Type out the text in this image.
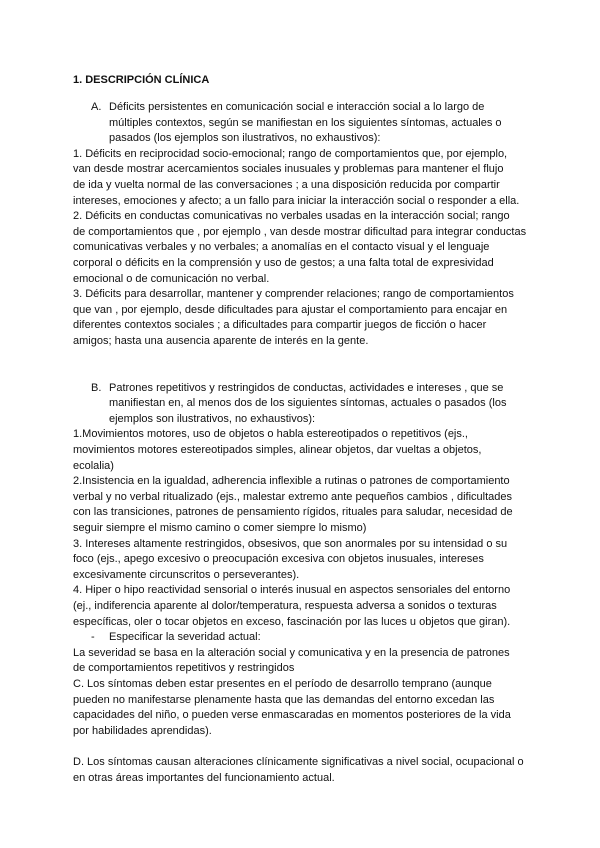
1. DESCRIPCIÓN CLÍNICA
A. Déficits persistentes en comunicación social e interacción social a lo largo de
múltiples contextos, según se manifiestan en los siguientes síntomas, actuales o
pasados (los ejemplos son ilustrativos, no exhaustivos):
1. Déficits en reciprocidad socio-emocional; rango de comportamientos que, por ejemplo,
van desde mostrar acercamientos sociales inusuales y problemas para mantener el flujo
de ida y vuelta normal de las conversaciones ; a una disposición reducida por compartir
intereses, emociones y afecto; a un fallo para iniciar la interacción social o responder a ella.
2. Déficits en conductas comunicativas no verbales usadas en la interacción social; rango
de comportamientos que , por ejemplo , van desde mostrar dificultad para integrar conductas
comunicativas verbales y no verbales; a anomalías en el contacto visual y el lenguaje
corporal o déficits en la comprensión y uso de gestos; a una falta total de expresividad
emocional o de comunicación no verbal.
3. Déficits para desarrollar, mantener y comprender relaciones; rango de comportamientos
que van , por ejemplo, desde dificultades para ajustar el comportamiento para encajar en
diferentes contextos sociales ; a dificultades para compartir juegos de ficción o hacer
amigos; hasta una ausencia aparente de interés en la gente.
B. Patrones repetitivos y restringidos de conductas, actividades e intereses , que se
manifiestan en, al menos dos de los siguientes síntomas, actuales o pasados (los
ejemplos son ilustrativos, no exhaustivos):
1.Movimientos motores, uso de objetos o habla estereotipados o repetitivos (ejs.,
movimientos motores estereotipados simples, alinear objetos, dar vueltas a objetos,
ecolalia)
2.Insistencia en la igualdad, adherencia inflexible a rutinas o patrones de comportamiento
verbal y no verbal ritualizado (ejs., malestar extremo ante pequeños cambios , dificultades
con las transiciones, patrones de pensamiento rígidos, rituales para saludar, necesidad de
seguir siempre el mismo camino o comer siempre lo mismo)
3. Intereses altamente restringidos, obsesivos, que son anormales por su intensidad o su
foco (ejs., apego excesivo o preocupación excesiva con objetos inusuales, intereses
excesivamente circunscritos o perseverantes).
4. Hiper o hipo reactividad sensorial o interés inusual en aspectos sensoriales del entorno
(ej., indiferencia aparente al dolor/temperatura, respuesta adversa a sonidos o texturas
específicas, oler o tocar objetos en exceso, fascinación por las luces u objetos que giran).
-	Especificar la severidad actual:
La severidad se basa en la alteración social y comunicativa y en la presencia de patrones
de comportamientos repetitivos y restringidos
C. Los síntomas deben estar presentes en el período de desarrollo temprano (aunque
pueden no manifestarse plenamente hasta que las demandas del entorno excedan las
capacidades del niño, o pueden verse enmascaradas en momentos posteriores de la vida
por habilidades aprendidas).
D. Los síntomas causan alteraciones clínicamente significativas a nivel social, ocupacional o
en otras áreas importantes del funcionamiento actual.
